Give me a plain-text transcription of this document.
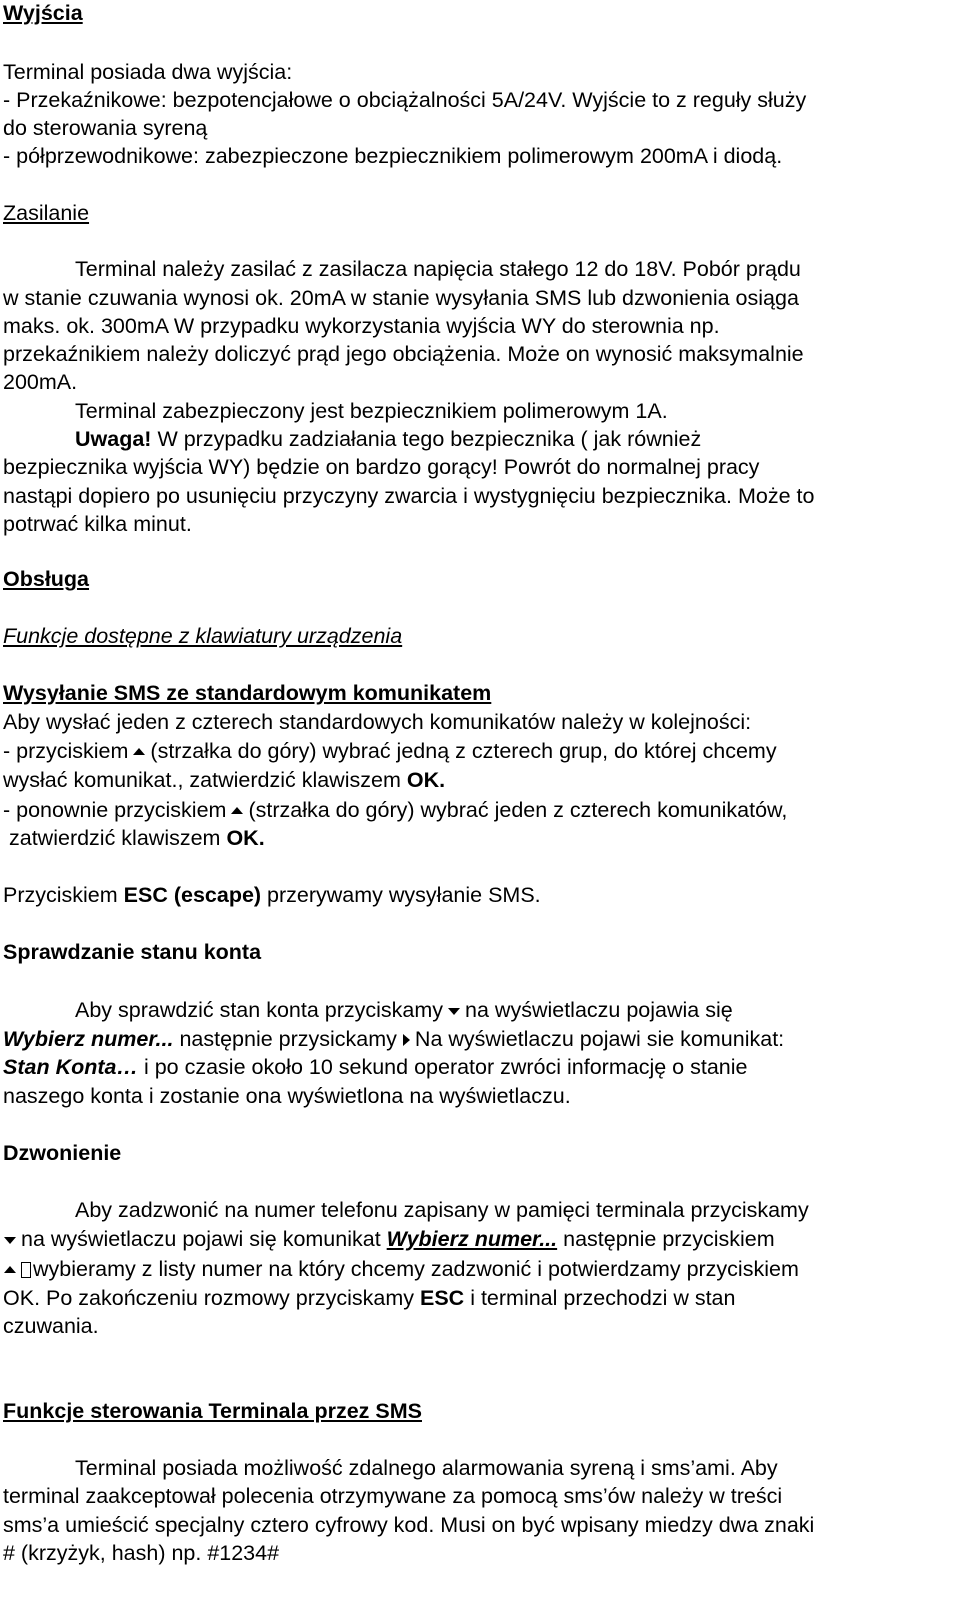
Wyjścia
Terminal posiada dwa wyjścia:
- Przekaźnikowe: bezpotencjałowe o obciążalności 5A/24V. Wyjście to z reguły służy
do sterowania syreną
- półprzewodnikowe: zabezpieczone bezpiecznikiem polimerowym 200mA i diodą.
Zasilanie
Terminal należy zasilać z zasilacza napięcia stałego 12 do 18V. Pobór prądu
w stanie czuwania wynosi ok. 20mA w stanie wysyłania SMS lub dzwonienia osiąga
maks. ok. 300mA W przypadku wykorzystania wyjścia WY do sterownia np.
przekaźnikiem należy doliczyć prąd jego obciążenia. Może on wynosić maksymalnie
200mA.
Terminal zabezpieczony jest bezpiecznikiem polimerowym 1A.
Uwaga! W przypadku zadziałania tego bezpiecznika ( jak również
bezpiecznika wyjścia WY) będzie on bardzo gorący! Powrót do normalnej pracy
nastąpi dopiero po usunięciu przyczyny zwarcia i wystygnięciu bezpiecznika. Może to
potrwać kilka minut.
Obsługa
Funkcje dostępne z klawiatury urządzenia
Wysyłanie SMS ze standardowym komunikatem
Aby wysłać jeden z czterech standardowych komunikatów należy w kolejności:
- przyciskiem (strzałka do góry) wybrać jedną z czterech grup, do której chcemy
wysłać komunikat., zatwierdzić klawiszem OK.
- ponownie przyciskiem (strzałka do góry) wybrać jeden z czterech komunikatów,
zatwierdzić klawiszem OK.
Przyciskiem ESC (escape) przerywamy wysyłanie SMS.
Sprawdzanie stanu konta
Aby sprawdzić stan konta przyciskamy na wyświetlaczu pojawia się
Wybierz numer... następnie przysickamy Na wyświetlaczu pojawi sie komunikat:
Stan Konta… i po czasie około 10 sekund operator zwróci informację o stanie
naszego konta i zostanie ona wyświetlona na wyświetlaczu.
Dzwonienie
Aby zadzwonić na numer telefonu zapisany w pamięci terminala przyciskamy
na wyświetlaczu pojawi się komunikat Wybierz numer... następnie przyciskiem
wybieramy z listy numer na który chcemy zadzwonić i potwierdzamy przyciskiem
OK. Po zakończeniu rozmowy przyciskamy ESC i terminal przechodzi w stan
czuwania.
Funkcje sterowania Terminala przez SMS
Terminal posiada możliwość zdalnego alarmowania syreną i sms’ami. Aby
terminal zaakceptował polecenia otrzymywane za pomocą sms’ów należy w treści
sms’a umieścić specjalny cztero cyfrowy kod. Musi on być wpisany miedzy dwa znaki
# (krzyżyk, hash) np. #1234#
